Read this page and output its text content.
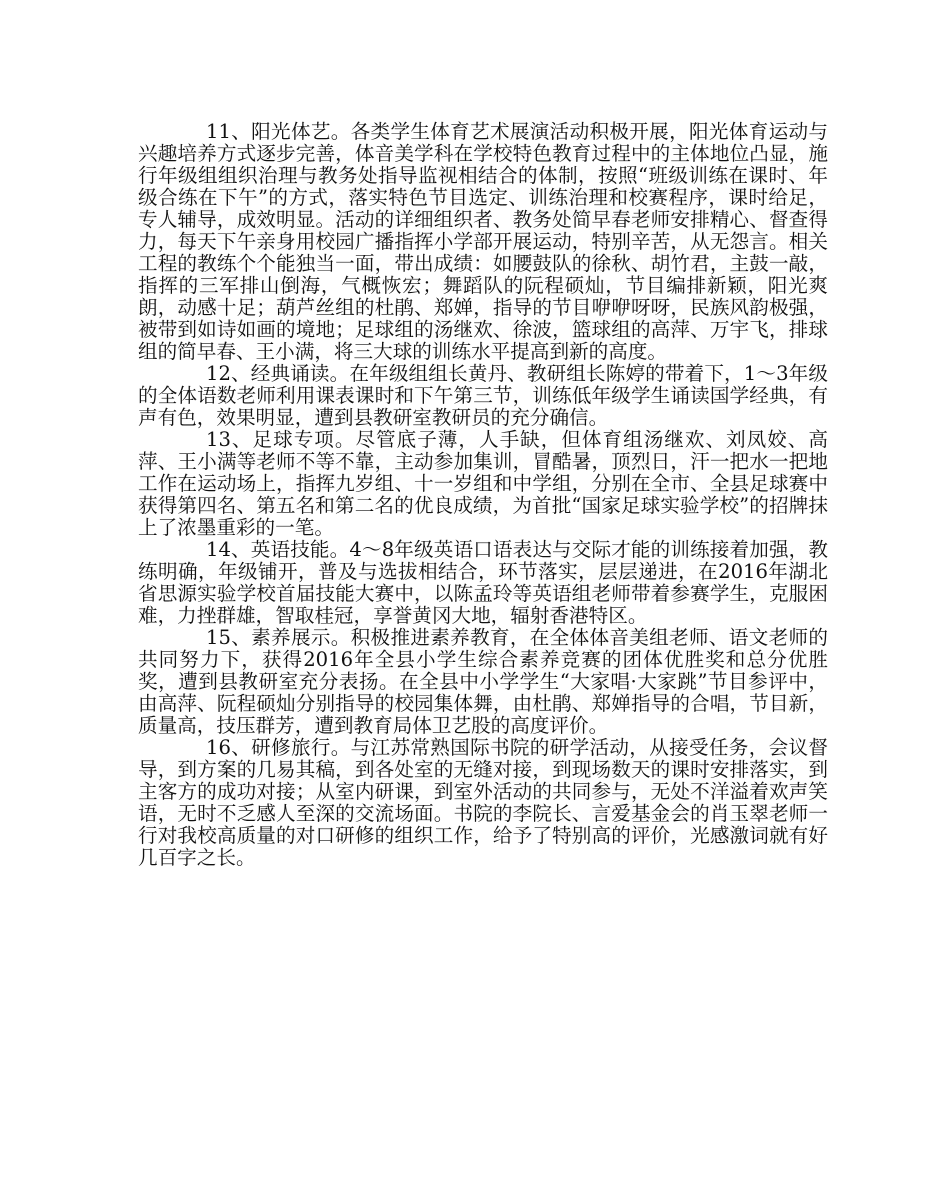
11、阳光体艺。各类学生体育艺术展演活动积极开展，阳光体育运动与兴趣培养方式逐步完善，体音美学科在学校特色教育过程中的主体地位凸显，施行年级组组织治理与教务处指导监视相结合的体制，按照“班级训练在课时、年级合练在下午”的方式，落实特色节目选定、训练治理和校赛程序，课时给足，专人辅导，成效明显。活动的详细组织者、教务处简早春老师安排精心、督查得力，每天下午亲身用校园广播指挥小学部开展运动，特别辛苦，从无怨言。相关工程的教练个个能独当一面，带出成绩：如腰鼓队的徐秋、胡竹君，主鼓一敲，指挥的三军排山倒海，气概恢宏；舞蹈队的阮程硕灿，节目编排新颖，阳光爽朗，动感十足；葫芦丝组的杜鹃、郑婵，指导的节目咿咿呀呀，民族风韵极强，被带到如诗如画的境地；足球组的汤继欢、徐波，篮球组的高萍、万宇飞，排球组的简早春、王小满，将三大球的训练水平提高到新的高度。

12、经典诵读。在年级组组长黄丹、教研组长陈婷的带着下，1～3年级的全体语数老师利用课表课时和下午第三节，训练低年级学生诵读国学经典，有声有色，效果明显，遭到县教研室教研员的充分确信。

13、足球专项。尽管底子薄，人手缺，但体育组汤继欢、刘凤姣、高萍、王小满等老师不等不靠，主动参加集训，冒酷暑，顶烈日，汗一把水一把地工作在运动场上，指挥九岁组、十一岁组和中学组，分别在全市、全县足球赛中获得第四名、第五名和第二名的优良成绩，为首批“国家足球实验学校”的招牌抹上了浓墨重彩的一笔。

14、英语技能。4～8年级英语口语表达与交际才能的训练接着加强，教练明确，年级铺开，普及与选拔相结合，环节落实，层层递进，在2016年湖北省思源实验学校首届技能大赛中，以陈孟玲等英语组老师带着参赛学生，克服困难，力挫群雄，智取桂冠，享誉黄冈大地，辐射香港特区。

15、素养展示。积极推进素养教育，在全体体音美组老师、语文老师的共同努力下，获得2016年全县小学生综合素养竞赛的团体优胜奖和总分优胜奖，遭到县教研室充分表扬。在全县中小学学生“大家唱·大家跳”节目参评中，由高萍、阮程硕灿分别指导的校园集体舞，由杜鹃、郑婵指导的合唱，节目新，质量高，技压群芳，遭到教育局体卫艺股的高度评价。

16、研修旅行。与江苏常熟国际书院的研学活动，从接受任务，会议督导，到方案的几易其稿，到各处室的无缝对接，到现场数天的课时安排落实，到主客方的成功对接；从室内研课，到室外活动的共同参与，无处不洋溢着欢声笑语，无时不乏感人至深的交流场面。书院的李院长、言爱基金会的肖玉翠老师一行对我校高质量的对口研修的组织工作，给予了特别高的评价，光感激词就有好几百字之长。
